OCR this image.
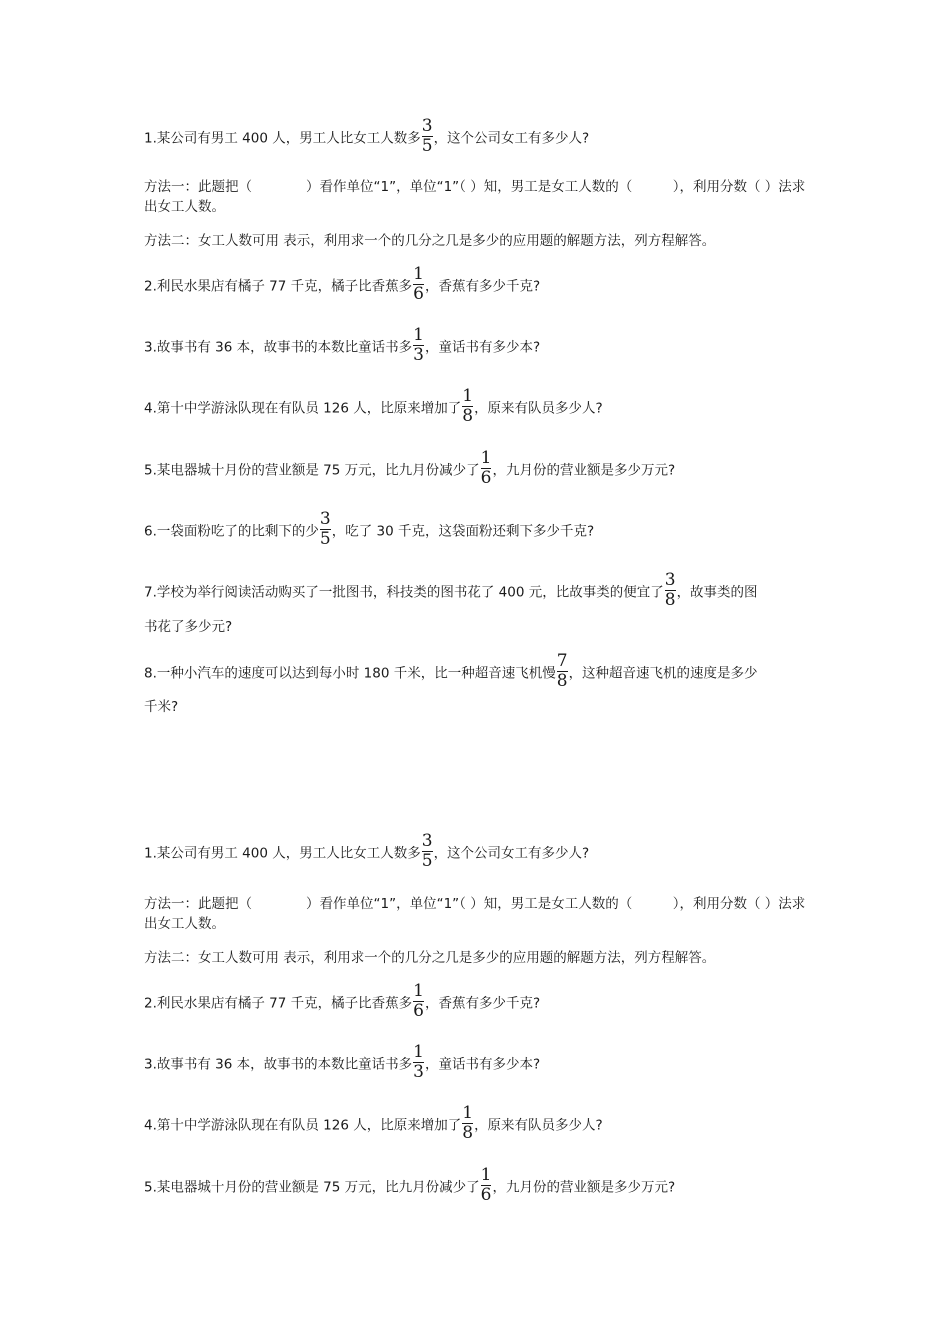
1.某公司有男工 400 人，男工人比女工人数多 $\frac{3}{5}$ ，这个公司女工有多少人?
方法一：此题把（　　　　）看作单位“1”，单位“1”（ ）知，男工是女工人数的（　　　），利用分数（ ）法求出女工人数。
方法二：女工人数可用 表示，利用求一个的几分之几是多少的应用题的解题方法，列方程解答。
2.利民水果店有橘子 77 千克，橘子比香蕉多 $\frac{1}{6}$ ，香蕉有多少千克?
3.故事书有 36 本，故事书的本数比童话书多 $\frac{1}{3}$ ，童话书有多少本?
4.第十中学游泳队现在有队员 126 人，比原来增加了 $\frac{1}{8}$ ，原来有队员多少人?
5.某电器城十月份的营业额是 75 万元，比九月份减少了 $\frac{1}{6}$ ，九月份的营业额是多少万元?
6.一袋面粉吃了的比剩下的少 $\frac{3}{5}$ ，吃了 30 千克，这袋面粉还剩下多少千克?
7.学校为举行阅读活动购买了一批图书，科技类的图书花了 400 元，比故事类的便宜了 $\frac{3}{8}$ ，故事类的图
书花了多少元?
8.一种小汽车的速度可以达到每小时 180 千米，比一种超音速飞机慢 $\frac{7}{8}$ ，这种超音速飞机的速度是多少
千米?
1.某公司有男工 400 人，男工人比女工人数多 $\frac{3}{5}$ ，这个公司女工有多少人?
方法一：此题把（　　　　）看作单位“1”，单位“1”（ ）知，男工是女工人数的（　　　），利用分数（ ）法求出女工人数。
方法二：女工人数可用 表示，利用求一个的几分之几是多少的应用题的解题方法，列方程解答。
2.利民水果店有橘子 77 千克，橘子比香蕉多 $\frac{1}{6}$ ，香蕉有多少千克?
3.故事书有 36 本，故事书的本数比童话书多 $\frac{1}{3}$ ，童话书有多少本?
4.第十中学游泳队现在有队员 126 人，比原来增加了 $\frac{1}{8}$ ，原来有队员多少人?
5.某电器城十月份的营业额是 75 万元，比九月份减少了 $\frac{1}{6}$ ，九月份的营业额是多少万元?
